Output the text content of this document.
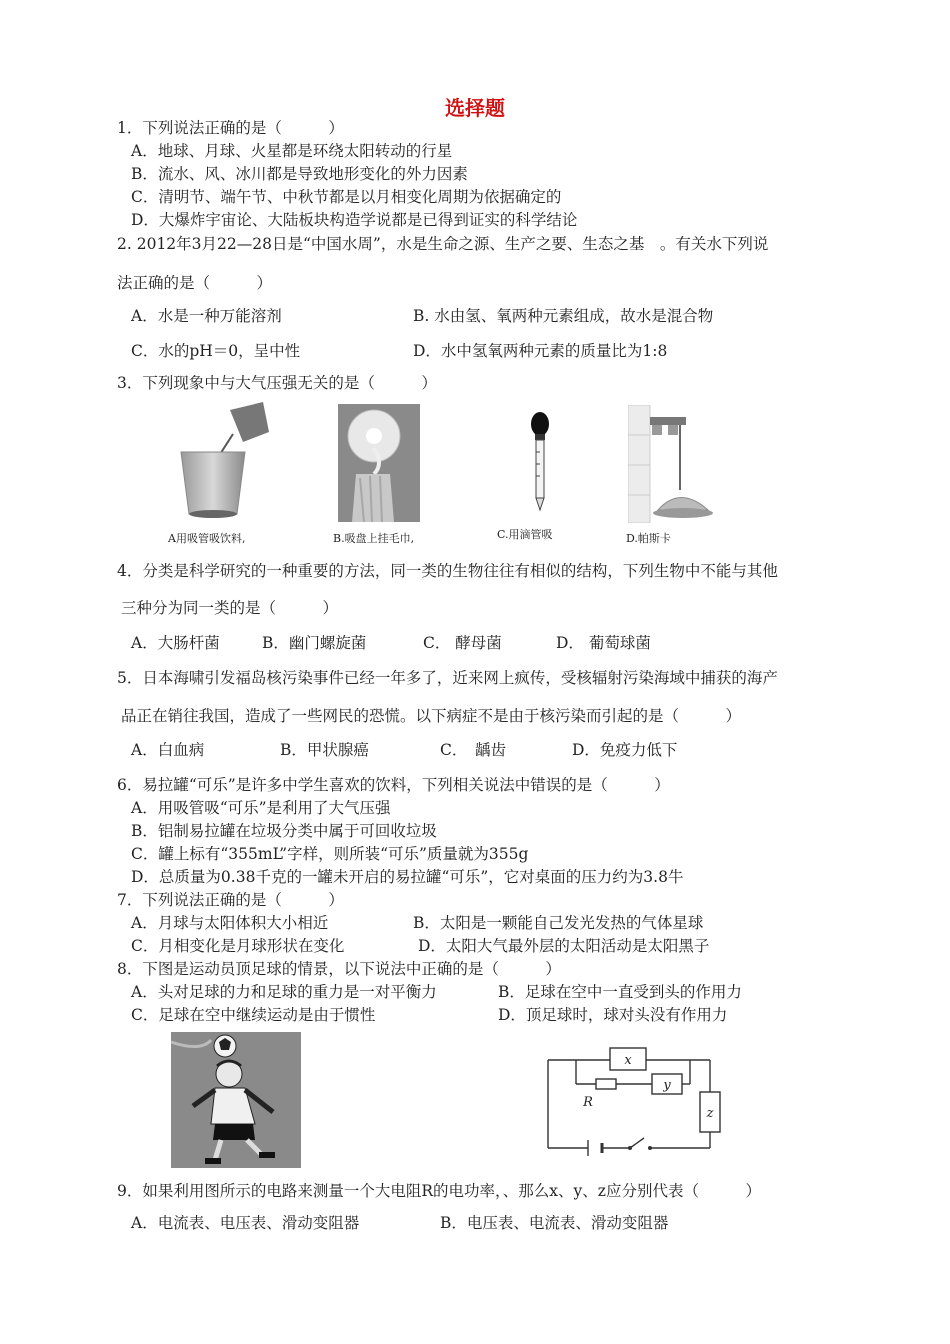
选择题
1．下列说法正确的是（　　　）
A．地球、月球、火星都是环绕太阳转动的行星
B．流水、风、冰川都是导致地形变化的外力因素
C．清明节、端午节、中秋节都是以月相变化周期为依据确定的
D．大爆炸宇宙论、大陆板块构造学说都是已得到证实的科学结论
2. 2012年3月22—28日是“中国水周”，水是生命之源、生产之要、生态之基　。有关水下列说
法正确的是（　　　）
A．水是一种万能溶剂	B. 水由氢、氧两种元素组成，故水是混合物
C．水的pH＝0，呈中性	D．水中氢氧两种元素的质量比为1:8
3．下列现象中与大气压强无关的是（　　　）
A用吸管吸饮料,	B.吸盘上挂毛巾,	C.用滴管吸	D.帕斯卡
4．分类是科学研究的一种重要的方法，同一类的生物往往有相似的结构，下列生物中不能与其他
三种分为同一类的是（　　　）
A．大肠杆菌	B．幽门螺旋菌	C． 酵母菌	D． 葡萄球菌
5．日本海啸引发福岛核污染事件已经一年多了，近来网上疯传，受核辐射污染海域中捕获的海产
品正在销往我国，造成了一些网民的恐慌。以下病症不是由于核污染而引起的是（　　　）
A．白血病	B．甲状腺癌	C．　龋齿	D．免疫力低下
6．易拉罐“可乐”是许多中学生喜欢的饮料，下列相关说法中错误的是（　　　）
A．用吸管吸“可乐”是利用了大气压强
B．铝制易拉罐在垃圾分类中属于可回收垃圾
C．罐上标有“355mL”字样，则所装“可乐”质量就为355g
D．总质量为0.38千克的一罐未开启的易拉罐“可乐”，它对桌面的压力约为3.8牛
7．下列说法正确的是（　　　）
A．月球与太阳体积大小相近	B．太阳是一颗能自己发光发热的气体星球
C．月相变化是月球形状在变化	D．太阳大气最外层的太阳活动是太阳黑子
8．下图是运动员顶足球的情景，以下说法中正确的是（　　　）
A．头对足球的力和足球的重力是一对平衡力	B．足球在空中一直受到头的作用力
C．足球在空中继续运动是由于惯性	D．顶足球时，球对头没有作用力
x
y
z
R
9．如果利用图所示的电路来测量一个大电阻R的电功率，、那么x、y、z应分别代表（　　　）
A．电流表、电压表、滑动变阻器	B．电压表、电流表、滑动变阻器
